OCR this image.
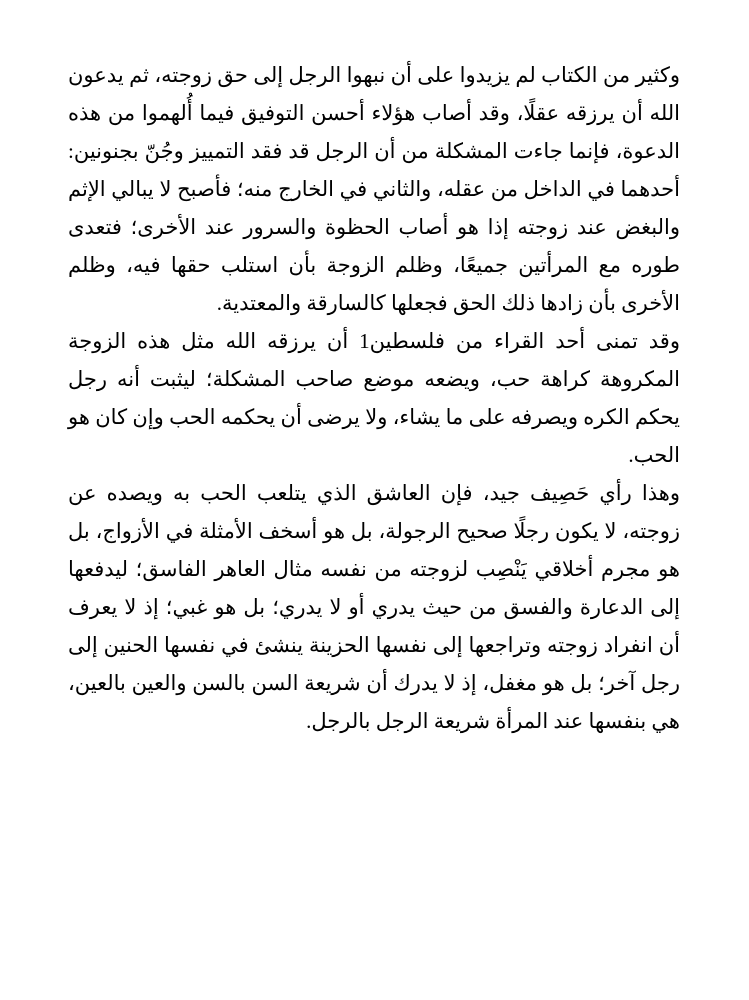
وكثير من الكتاب لم يزيدوا على أن نبهوا الرجل إلى حق زوجته، ثم يدعون الله أن يرزقه عقلًا، وقد أصاب هؤلاء أحسن التوفيق فيما أُلهموا من هذه الدعوة، فإنما جاءت المشكلة من أن الرجل قد فقد التمييز وجُنّ بجنونين: أحدهما في الداخل من عقله، والثاني في الخارج منه؛ فأصبح لا يبالي الإثم والبغض عند زوجته إذا هو أصاب الحظوة والسرور عند الأخرى؛ فتعدى طوره مع المرأتين جميعًا، وظلم الزوجة بأن استلب حقها فيه، وظلم الأخرى بأن زادها ذلك الحق فجعلها كالسارقة والمعتدية.

وقد تمنى أحد القراء من فلسطين1 أن يرزقه الله مثل هذه الزوجة المكروهة كراهة حب، ويضعه موضع صاحب المشكلة؛ ليثبت أنه رجل يحكم الكره ويصرفه على ما يشاء، ولا يرضى أن يحكمه الحب وإن كان هو الحب.

وهذا رأي حَصِيف جيد، فإن العاشق الذي يتلعب الحب به ويصده عن زوجته، لا يكون رجلًا صحيح الرجولة، بل هو أسخف الأمثلة في الأزواج، بل هو مجرم أخلاقي يَنْصِب لزوجته من نفسه مثال العاهر الفاسق؛ ليدفعها إلى الدعارة والفسق من حيث يدري أو لا يدري؛ بل هو غبي؛ إذ لا يعرف أن انفراد زوجته وتراجعها إلى نفسها الحزينة ينشئ في نفسها الحنين إلى رجل آخر؛ بل هو مغفل، إذ لا يدرك أن شريعة السن بالسن والعين بالعين، هي بنفسها عند المرأة شريعة الرجل بالرجل.
